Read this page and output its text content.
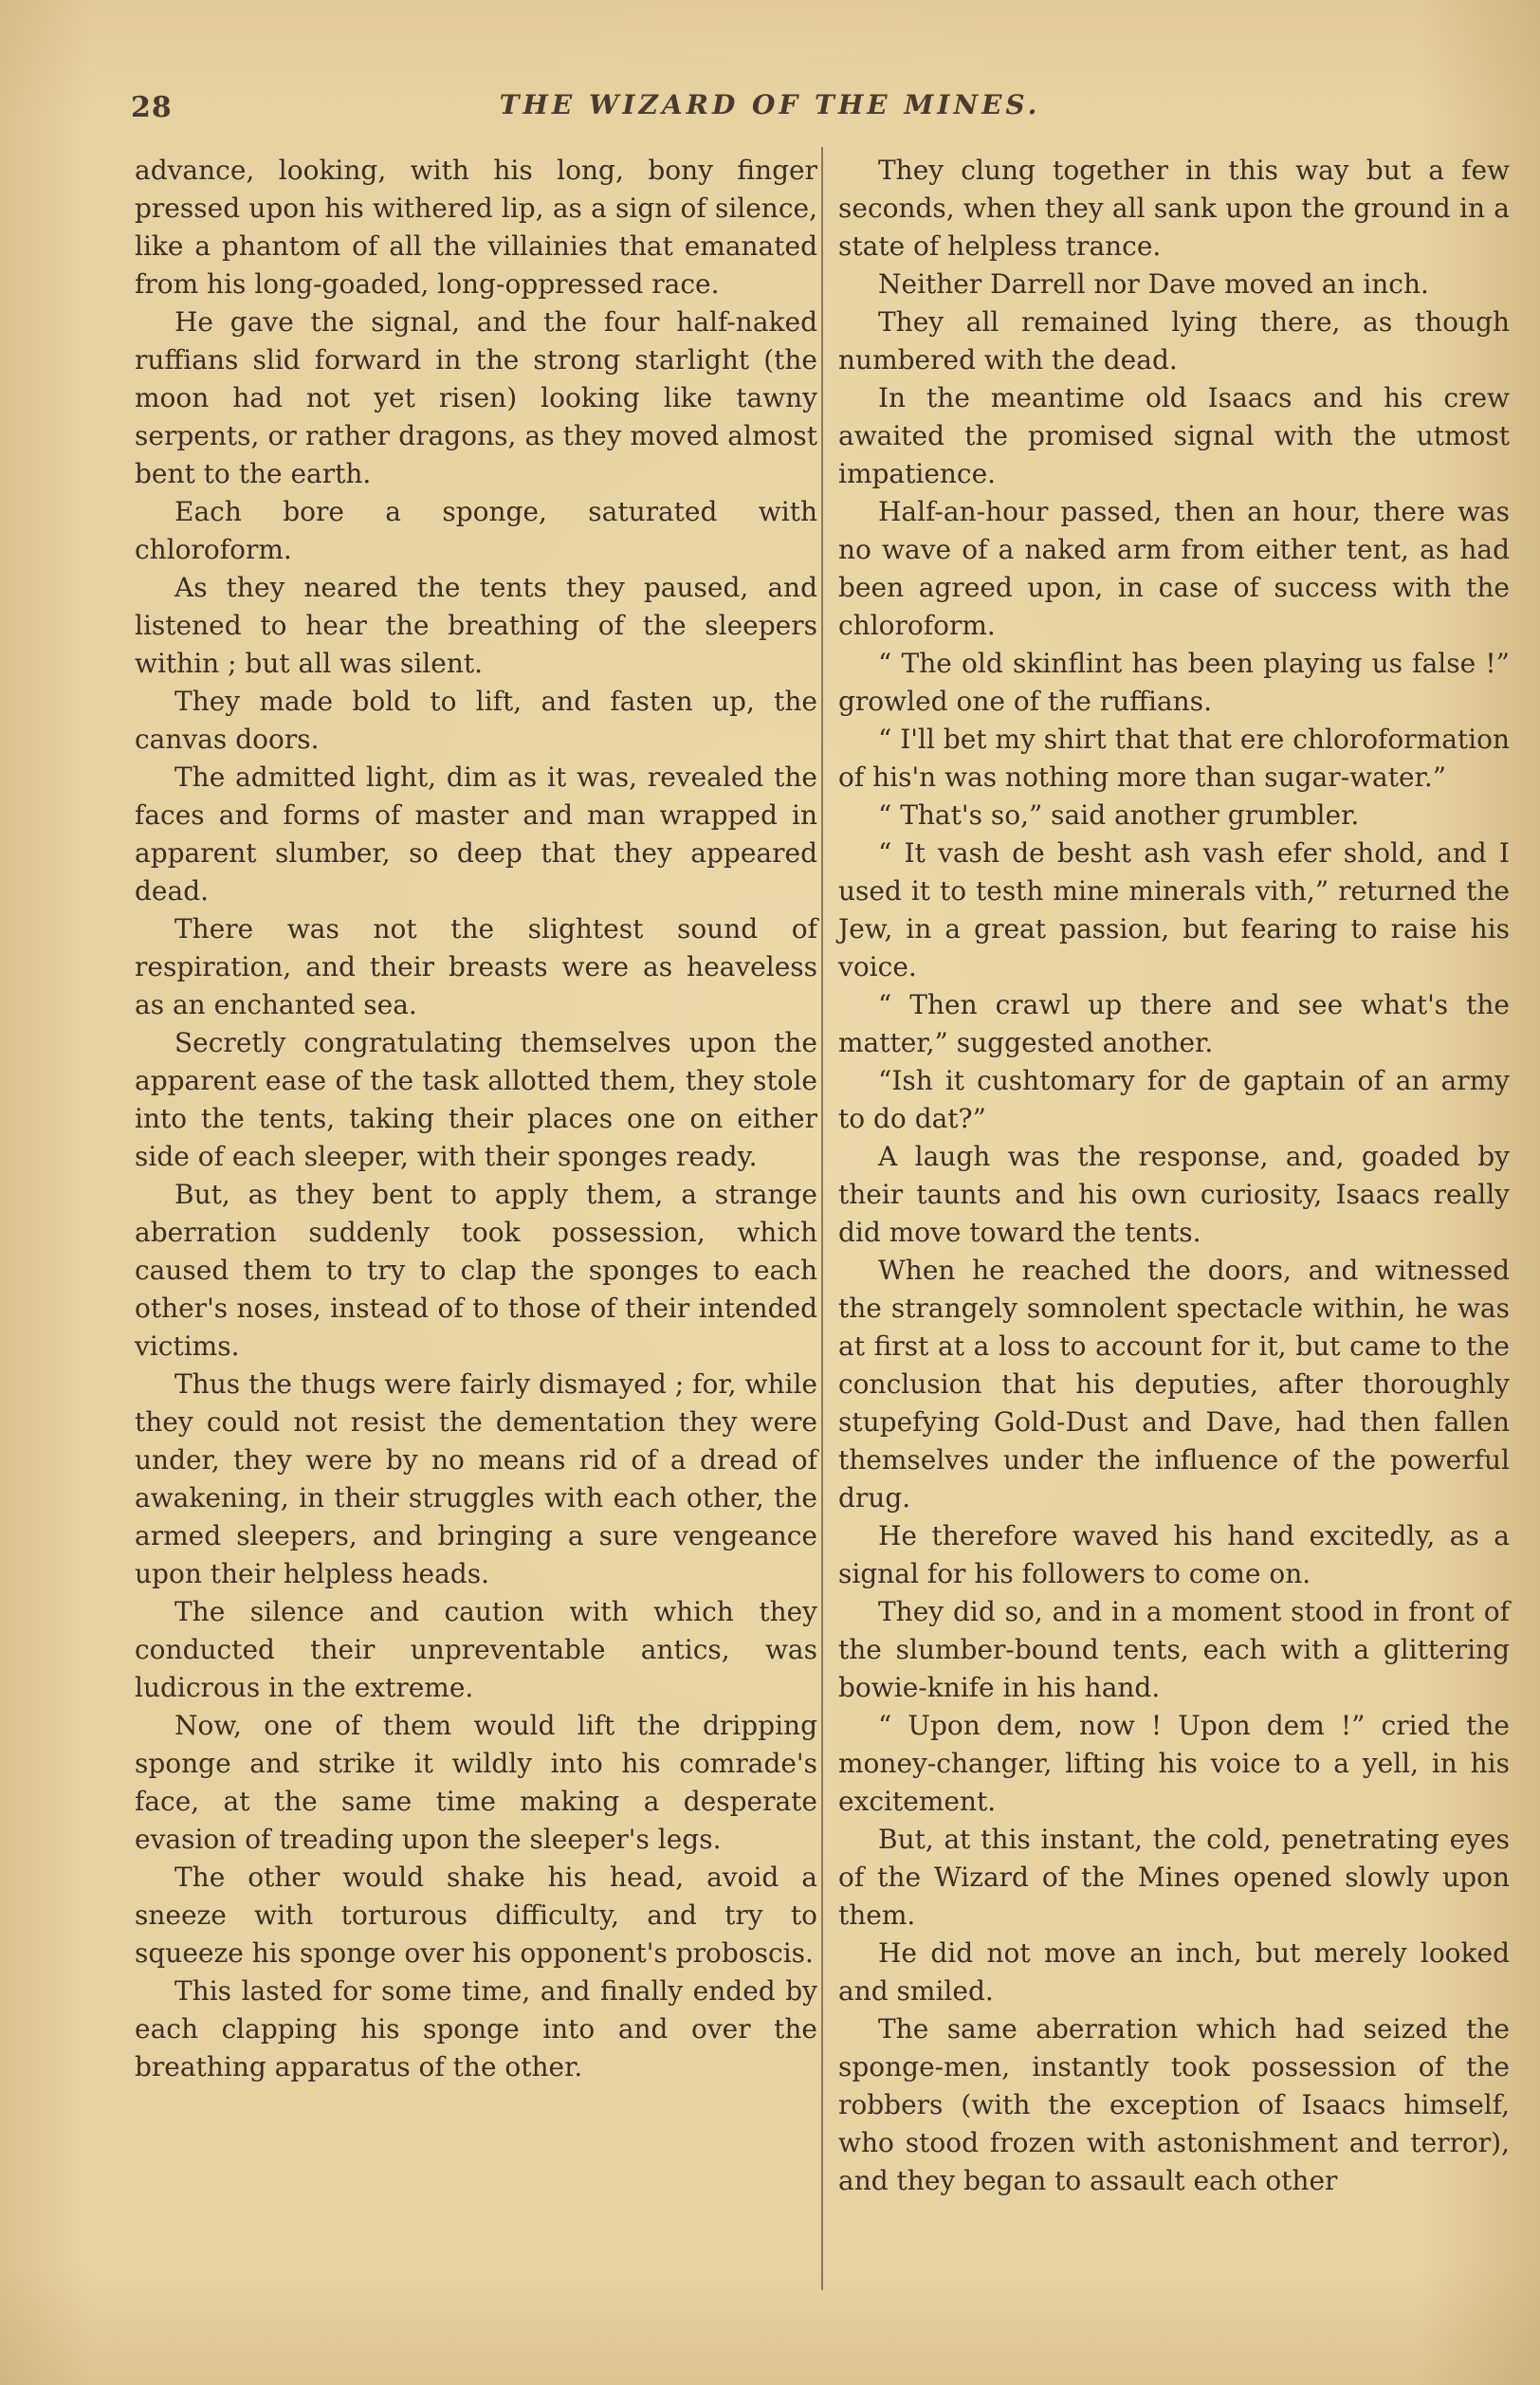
28	THE WIZARD OF THE MINES.

advance, looking, with his long, bony finger pressed upon his withered lip, as a sign of silence, like a phantom of all the villainies that emanated from his long-goaded, long-oppressed race.

He gave the signal, and the four half-naked ruffians slid forward in the strong starlight (the moon had not yet risen) looking like tawny serpents, or rather dragons, as they moved almost bent to the earth.

Each bore a sponge, saturated with chloroform.

As they neared the tents they paused, and listened to hear the breathing of the sleepers within ; but all was silent.

They made bold to lift, and fasten up, the canvas doors.

The admitted light, dim as it was, revealed the faces and forms of master and man wrapped in apparent slumber, so deep that they appeared dead.

There was not the slightest sound of respiration, and their breasts were as heaveless as an enchanted sea.

Secretly congratulating themselves upon the apparent ease of the task allotted them, they stole into the tents, taking their places one on either side of each sleeper, with their sponges ready.

But, as they bent to apply them, a strange aberration suddenly took possession, which caused them to try to clap the sponges to each other's noses, instead of to those of their intended victims.

Thus the thugs were fairly dismayed ; for, while they could not resist the dementation they were under, they were by no means rid of a dread of awakening, in their struggles with each other, the armed sleepers, and bringing a sure vengeance upon their helpless heads.

The silence and caution with which they conducted their unpreventable antics, was ludicrous in the extreme.

Now, one of them would lift the dripping sponge and strike it wildly into his comrade's face, at the same time making a desperate evasion of treading upon the sleeper's legs.

The other would shake his head, avoid a sneeze with torturous difficulty, and try to squeeze his sponge over his opponent's proboscis.

This lasted for some time, and finally ended by each clapping his sponge into and over the breathing apparatus of the other.

They clung together in this way but a few seconds, when they all sank upon the ground in a state of helpless trance.

Neither Darrell nor Dave moved an inch.

They all remained lying there, as though numbered with the dead.

In the meantime old Isaacs and his crew awaited the promised signal with the utmost impatience.

Half-an-hour passed, then an hour, there was no wave of a naked arm from either tent, as had been agreed upon, in case of success with the chloroform.

“ The old skinflint has been playing us false !” growled one of the ruffians.

“ I'll bet my shirt that that ere chloroformation of his'n was nothing more than sugar-water.”

“ That's so,” said another grumbler.

“ It vash de besht ash vash efer shold, and I used it to testh mine minerals vith,” returned the Jew, in a great passion, but fearing to raise his voice.

“ Then crawl up there and see what's the matter,” suggested another.

“Ish it cushtomary for de gaptain of an army to do dat?”

A laugh was the response, and, goaded by their taunts and his own curiosity, Isaacs really did move toward the tents.

When he reached the doors, and witnessed the strangely somnolent spectacle within, he was at first at a loss to account for it, but came to the conclusion that his deputies, after thoroughly stupefying Gold-Dust and Dave, had then fallen themselves under the influence of the powerful drug.

He therefore waved his hand excitedly, as a signal for his followers to come on.

They did so, and in a moment stood in front of the slumber-bound tents, each with a glittering bowie-knife in his hand.

“ Upon dem, now ! Upon dem !” cried the money-changer, lifting his voice to a yell, in his excitement.

But, at this instant, the cold, penetrating eyes of the Wizard of the Mines opened slowly upon them.

He did not move an inch, but merely looked and smiled.

The same aberration which had seized the sponge-men, instantly took possession of the robbers (with the exception of Isaacs himself, who stood frozen with astonishment and terror), and they began to assault each other
